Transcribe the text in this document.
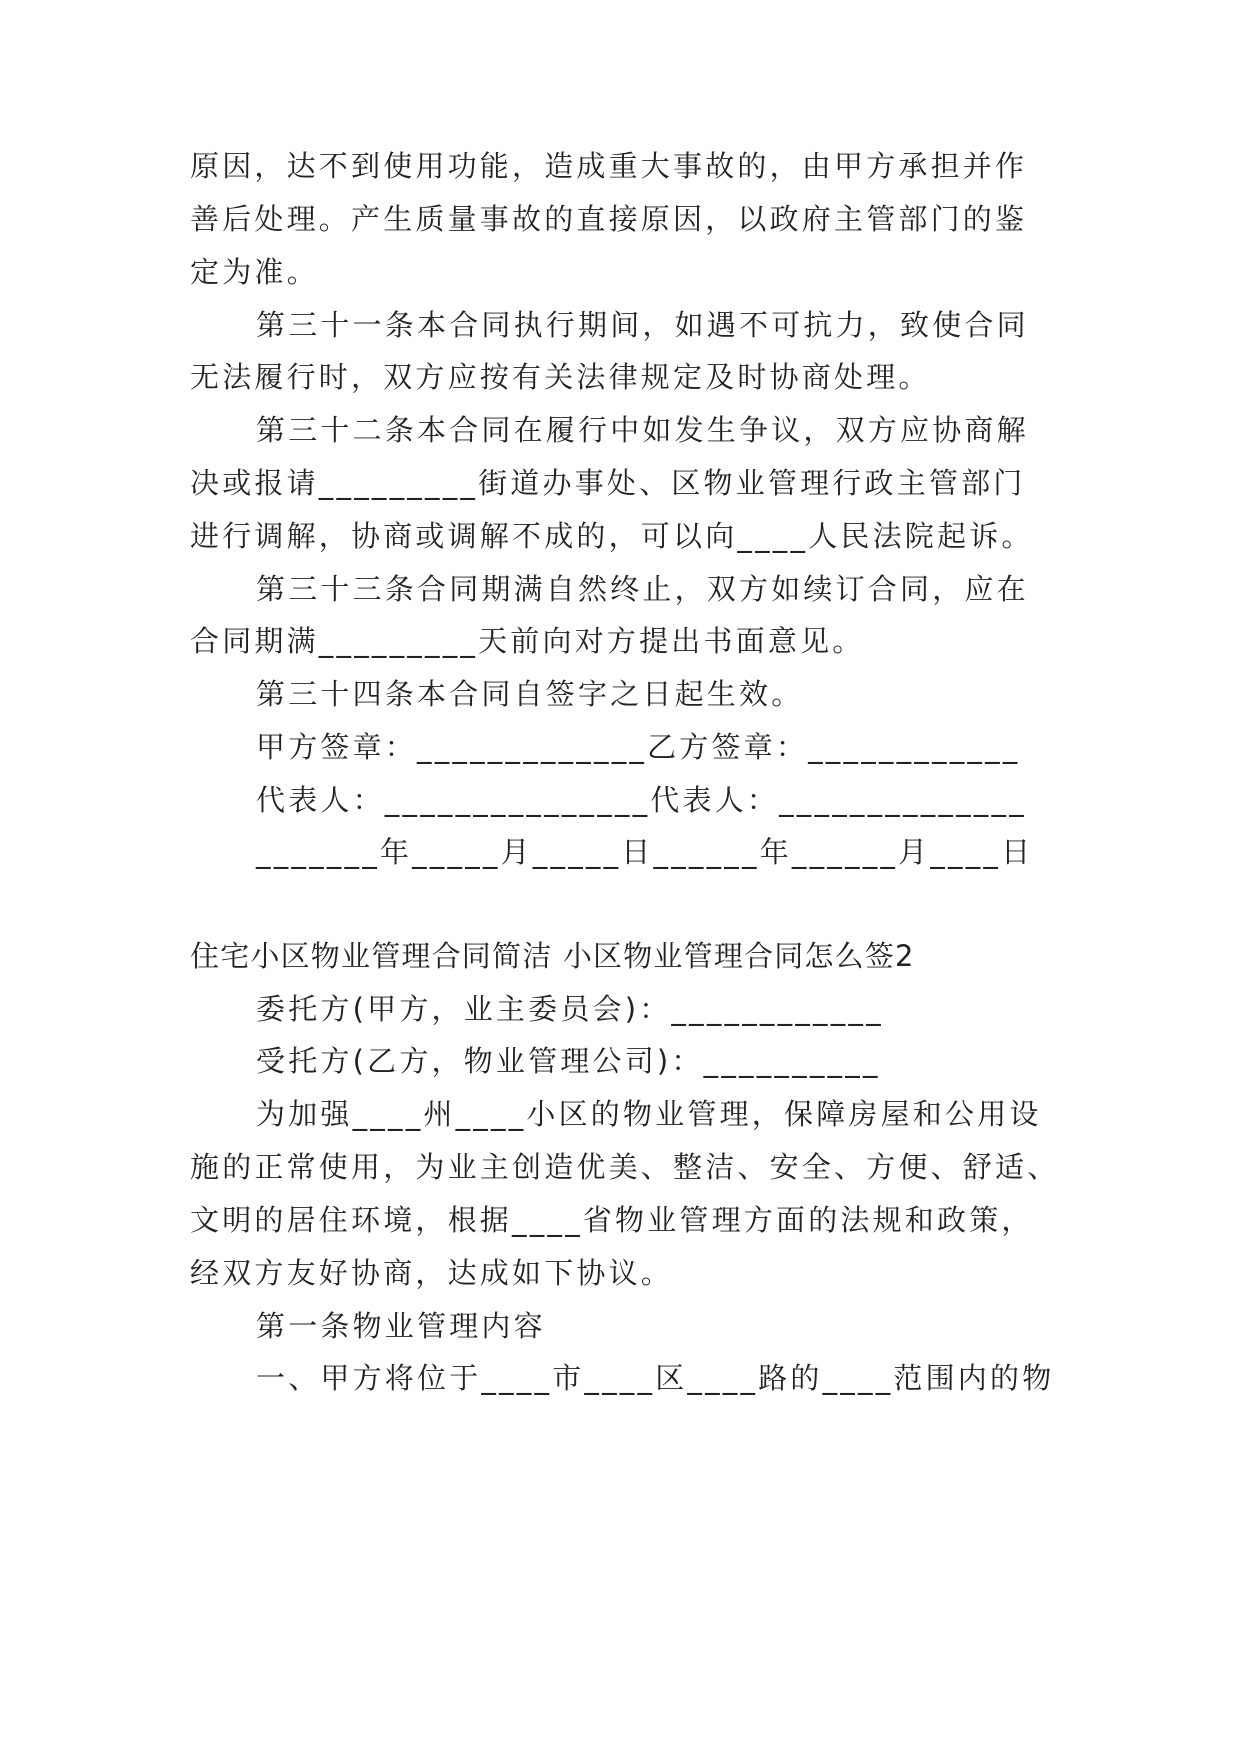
原因，达不到使用功能，造成重大事故的，由甲方承担并作
善后处理。产生质量事故的直接原因，以政府主管部门的鉴
定为准。
第三十一条本合同执行期间，如遇不可抗力，致使合同
无法履行时，双方应按有关法律规定及时协商处理。
第三十二条本合同在履行中如发生争议，双方应协商解
决或报请_________街道办事处、区物业管理行政主管部门
进行调解，协商或调解不成的，可以向____人民法院起诉。
第三十三条合同期满自然终止，双方如续订合同，应在
合同期满_________天前向对方提出书面意见。
第三十四条本合同自签字之日起生效。
甲方签章：_____________乙方签章：____________
代表人：_______________代表人：______________
_______年_____月_____日______年______月____日
住宅小区物业管理合同简洁 小区物业管理合同怎么签2
委托方(甲方，业主委员会)：____________
受托方(乙方，物业管理公司)：__________
为加强____州____小区的物业管理，保障房屋和公用设
施的正常使用，为业主创造优美、整洁、安全、方便、舒适、
文明的居住环境，根据____省物业管理方面的法规和政策，
经双方友好协商，达成如下协议。
第一条物业管理内容
一、甲方将位于____市____区____路的____范围内的物
